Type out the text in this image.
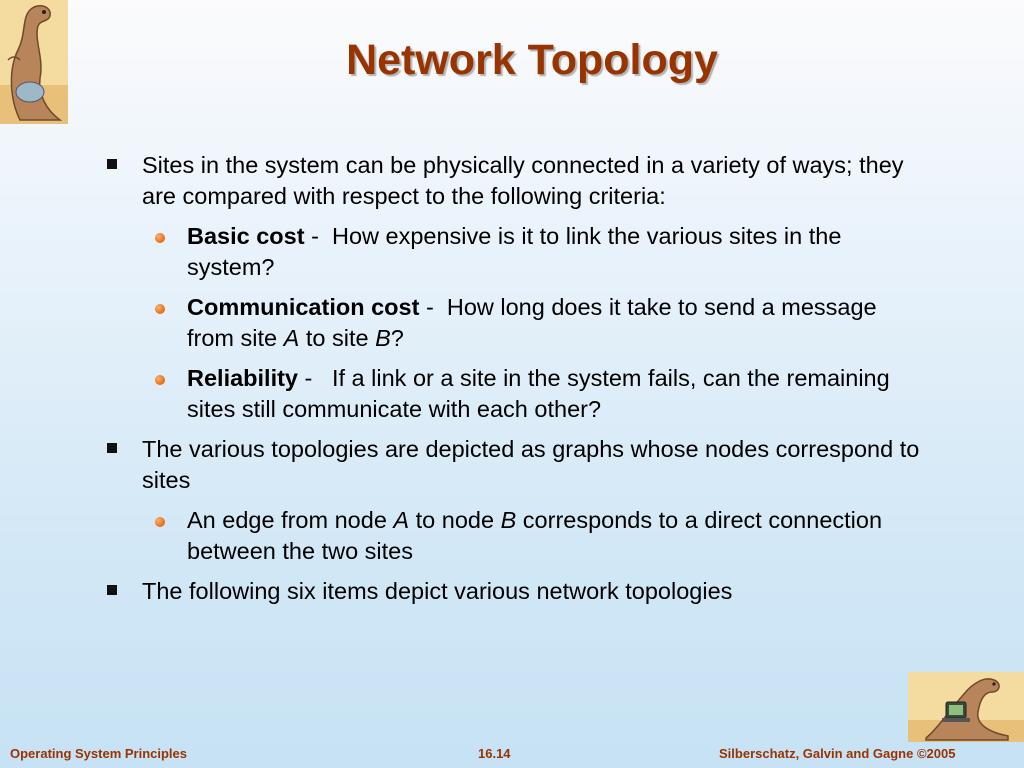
Network Topology
Sites in the system can be physically connected in a variety of ways; they are compared with respect to the following criteria:
Basic cost -  How expensive is it to link the various sites in the system?
Communication cost -  How long does it take to send a message from site A to site B?
Reliability -   If a link or a site in the system fails, can the remaining sites still communicate with each other?
The various topologies are depicted as graphs whose nodes correspond to sites
An edge from node A to node B corresponds to a direct connection between the two sites
The following six items depict various network topologies
Operating System Principles	16.14	Silberschatz, Galvin and Gagne ©2005
